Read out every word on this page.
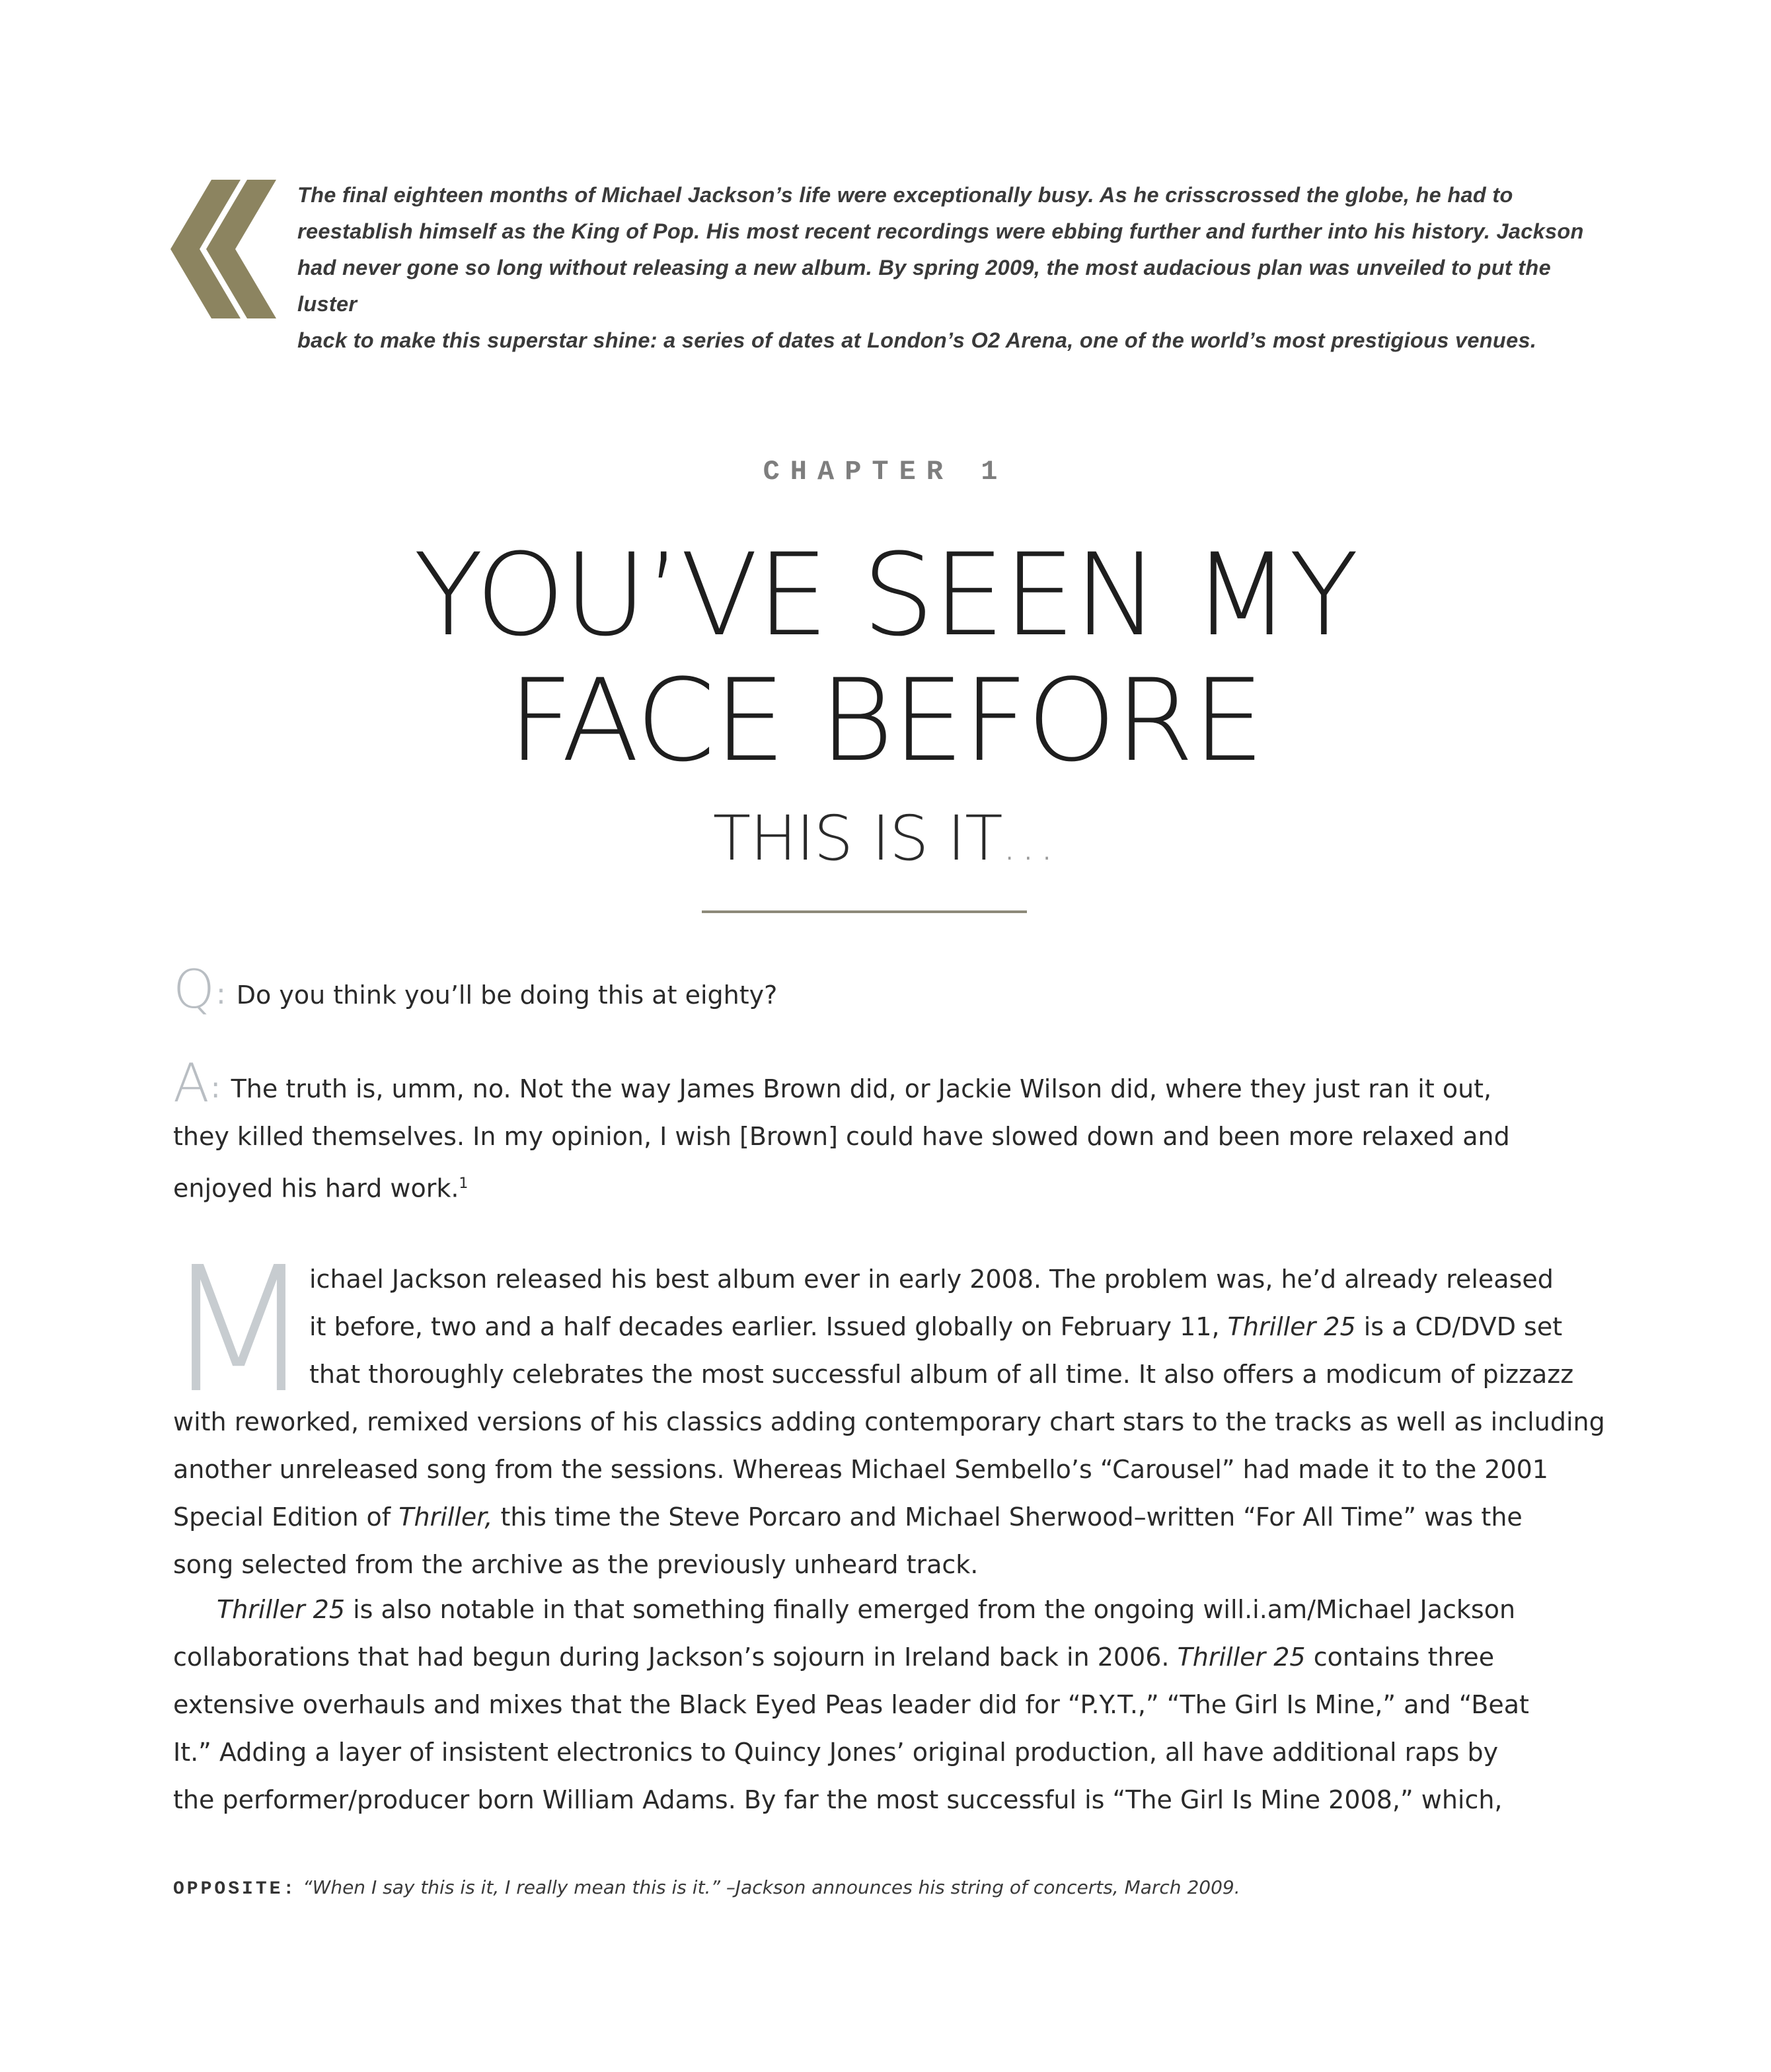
The final eighteen months of Michael Jackson’s life were exceptionally busy. As he crisscrossed the globe, he had to
reestablish himself as the King of Pop. His most recent recordings were ebbing further and further into his history. Jackson
had never gone so long without releasing a new album. By spring 2009, the most audacious plan was unveiled to put the luster
back to make this superstar shine: a series of dates at London’s O2 Arena, one of the world’s most prestigious venues.
CHAPTER 1
YOU’VE SEEN MY
FACE BEFORE
THIS IS IT...
Q: Do you think you’ll be doing this at eighty?
A: The truth is, umm, no. Not the way James Brown did, or Jackie Wilson did, where they just ran it out,
they killed themselves. In my opinion, I wish [Brown] could have slowed down and been more relaxed and
enjoyed his hard work.$^1$
M
ichael Jackson released his best album ever in early 2008. The problem was, he’d already released
it before, two and a half decades earlier. Issued globally on February 11, Thriller 25 is a CD/DVD set
that thoroughly celebrates the most successful album of all time. It also offers a modicum of pizzazz
with reworked, remixed versions of his classics adding contemporary chart stars to the tracks as well as including
another unreleased song from the sessions. Whereas Michael Sembello’s “Carousel” had made it to the 2001
Special Edition of Thriller, this time the Steve Porcaro and Michael Sherwood–written “For All Time” was the
song selected from the archive as the previously unheard track.
Thriller 25 is also notable in that something finally emerged from the ongoing will.i.am/Michael Jackson
collaborations that had begun during Jackson’s sojourn in Ireland back in 2006. Thriller 25 contains three
extensive overhauls and mixes that the Black Eyed Peas leader did for “P.Y.T.,” “The Girl Is Mine,” and “Beat
It.” Adding a layer of insistent electronics to Quincy Jones’ original production, all have additional raps by
the performer/producer born William Adams. By far the most successful is “The Girl Is Mine 2008,” which,
OPPOSITE: “When I say this is it, I really mean this is it.” –Jackson announces his string of concerts, March 2009.
